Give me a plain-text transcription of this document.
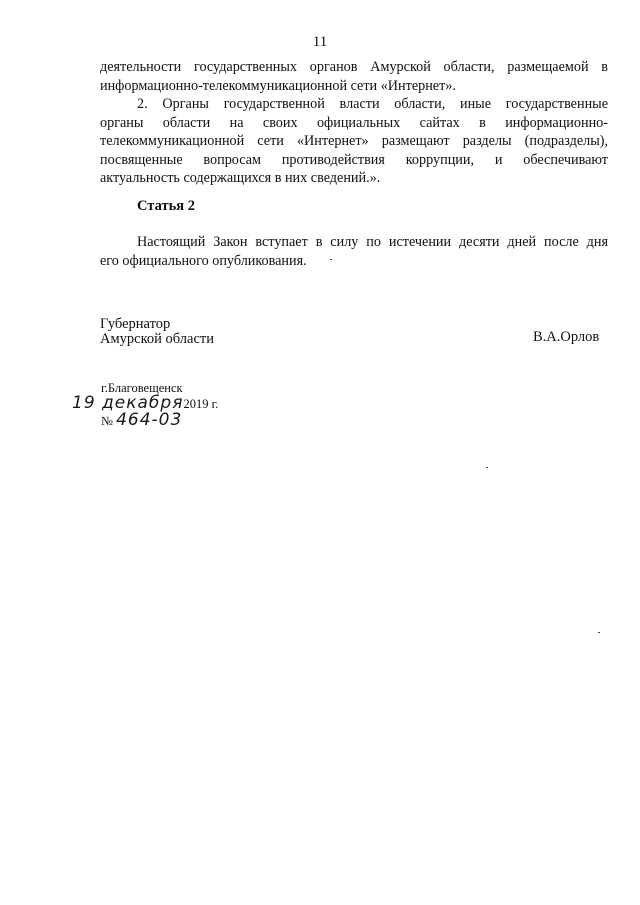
11
деятельности государственных органов Амурской области, размещаемой в
информационно-телекоммуникационной сети «Интернет».
2. Органы государственной власти области, иные государственные
органы области на своих официальных сайтах в информационно-
телекоммуникационной сети «Интернет» размещают разделы (подразделы),
посвященные вопросам противодействия коррупции, и обеспечивают
актуальность содержащихся в них сведений.».
Статья 2
Настоящий Закон вступает в силу по истечении десяти дней после дня
его официального опубликования.
Губернатор
Амурской области	В.А.Орлов
г.Благовещенск
19 декабря2019 г.
№ 464-03
